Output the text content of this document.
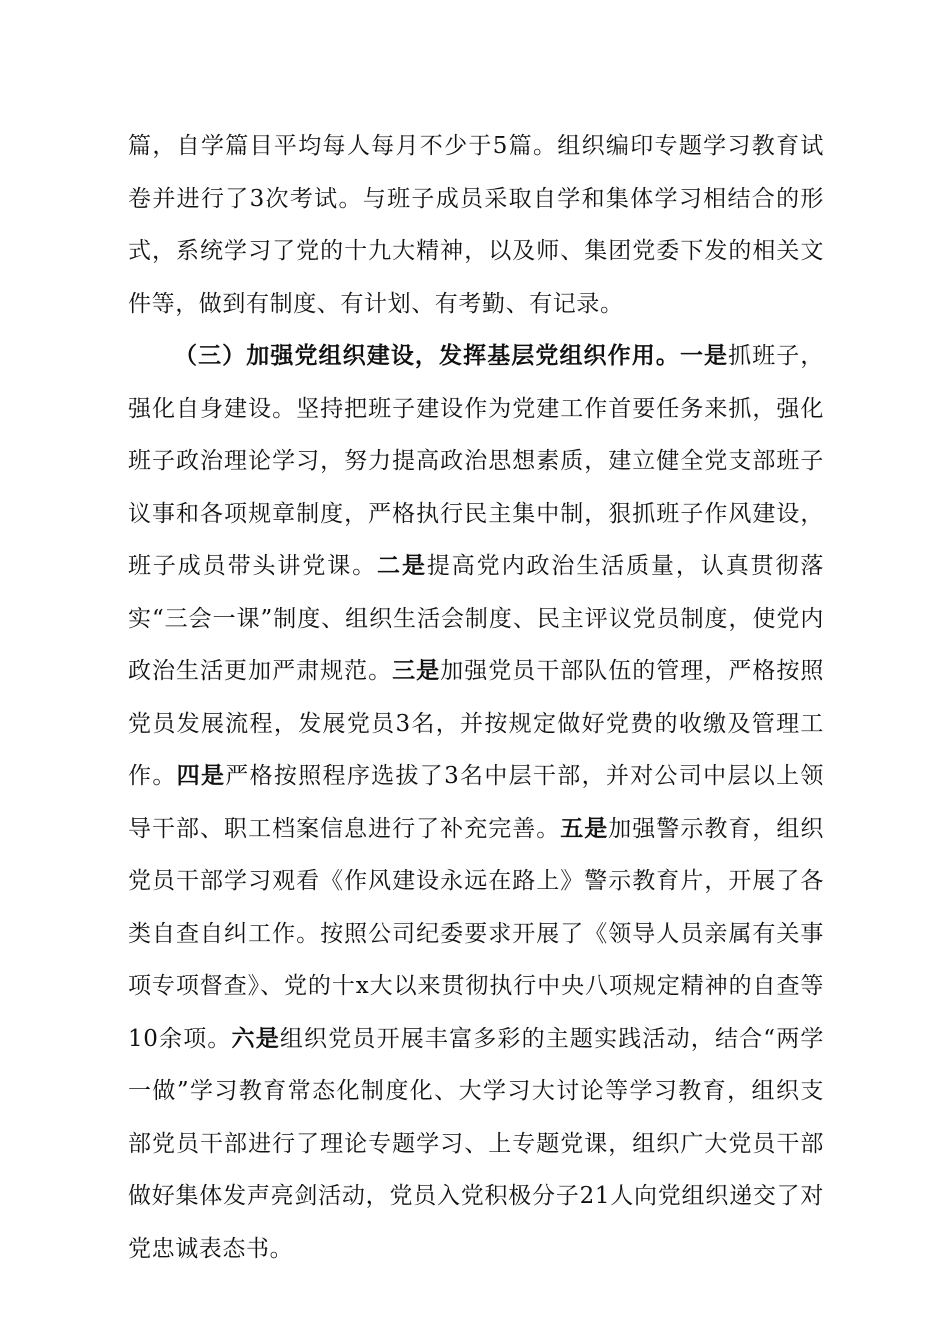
篇，自学篇目平均每人每月不少于5篇。组织编印专题学习教育试卷并进行了3次考试。与班子成员采取自学和集体学习相结合的形式，系统学习了党的十九大精神，以及师、集团党委下发的相关文件等，做到有制度、有计划、有考勤、有记录。

（三）加强党组织建设，发挥基层党组织作用。一是抓班子，强化自身建设。坚持把班子建设作为党建工作首要任务来抓，强化班子政治理论学习，努力提高政治思想素质，建立健全党支部班子议事和各项规章制度，严格执行民主集中制，狠抓班子作风建设，班子成员带头讲党课。二是提高党内政治生活质量，认真贯彻落实“三会一课”制度、组织生活会制度、民主评议党员制度，使党内政治生活更加严肃规范。三是加强党员干部队伍的管理，严格按照党员发展流程，发展党员3名，并按规定做好党费的收缴及管理工作。四是严格按照程序选拔了3名中层干部，并对公司中层以上领导干部、职工档案信息进行了补充完善。五是加强警示教育，组织党员干部学习观看《作风建设永远在路上》警示教育片，开展了各类自查自纠工作。按照公司纪委要求开展了《领导人员亲属有关事项专项督查》、党的十x大以来贯彻执行中央八项规定精神的自查等10余项。六是组织党员开展丰富多彩的主题实践活动，结合“两学一做”学习教育常态化制度化、大学习大讨论等学习教育，组织支部党员干部进行了理论专题学习、上专题党课，组织广大党员干部做好集体发声亮剑活动，党员入党积极分子21人向党组织递交了对党忠诚表态书。
